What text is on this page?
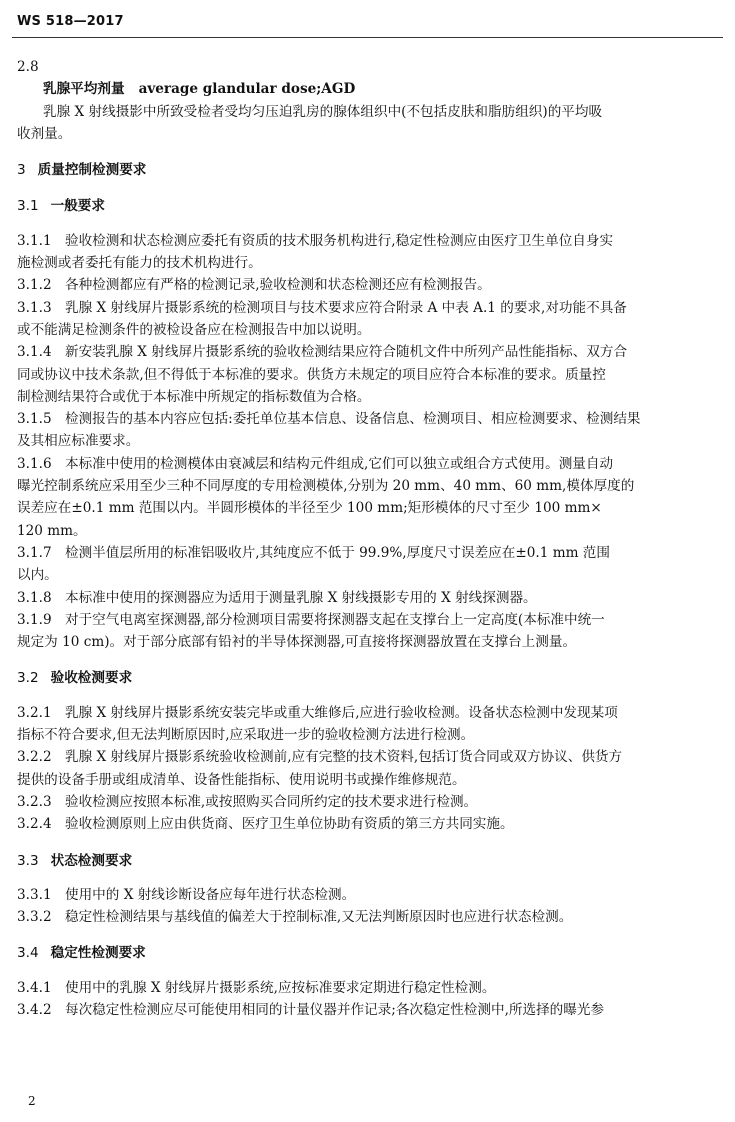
WS 518—2017
2.8
乳腺平均剂量 average glandular dose;AGD
乳腺 X 射线摄影中所致受检者受均匀压迫乳房的腺体组织中(不包括皮肤和脂肪组织)的平均吸
收剂量。
3 质量控制检测要求
3.1 一般要求
3.1.1 验收检测和状态检测应委托有资质的技术服务机构进行,稳定性检测应由医疗卫生单位自身实
施检测或者委托有能力的技术机构进行。
3.1.2 各种检测都应有严格的检测记录,验收检测和状态检测还应有检测报告。
3.1.3 乳腺 X 射线屏片摄影系统的检测项目与技术要求应符合附录 A 中表 A.1 的要求,对功能不具备
或不能满足检测条件的被检设备应在检测报告中加以说明。
3.1.4 新安装乳腺 X 射线屏片摄影系统的验收检测结果应符合随机文件中所列产品性能指标、双方合
同或协议中技术条款,但不得低于本标准的要求。供货方未规定的项目应符合本标准的要求。质量控
制检测结果符合或优于本标准中所规定的指标数值为合格。
3.1.5 检测报告的基本内容应包括:委托单位基本信息、设备信息、检测项目、相应检测要求、检测结果
及其相应标准要求。
3.1.6 本标准中使用的检测模体由衰减层和结构元件组成,它们可以独立或组合方式使用。测量自动
曝光控制系统应采用至少三种不同厚度的专用检测模体,分别为 20 mm、40 mm、60 mm,模体厚度的
误差应在±0.1 mm 范围以内。半圆形模体的半径至少 100 mm;矩形模体的尺寸至少 100 mm×
120 mm。
3.1.7 检测半值层所用的标准铝吸收片,其纯度应不低于 99.9%,厚度尺寸误差应在±0.1 mm 范围
以内。
3.1.8 本标准中使用的探测器应为适用于测量乳腺 X 射线摄影专用的 X 射线探测器。
3.1.9 对于空气电离室探测器,部分检测项目需要将探测器支起在支撑台上一定高度(本标准中统一
规定为 10 cm)。对于部分底部有铅衬的半导体探测器,可直接将探测器放置在支撑台上测量。
3.2 验收检测要求
3.2.1 乳腺 X 射线屏片摄影系统安装完毕或重大维修后,应进行验收检测。设备状态检测中发现某项
指标不符合要求,但无法判断原因时,应采取进一步的验收检测方法进行检测。
3.2.2 乳腺 X 射线屏片摄影系统验收检测前,应有完整的技术资料,包括订货合同或双方协议、供货方
提供的设备手册或组成清单、设备性能指标、使用说明书或操作维修规范。
3.2.3 验收检测应按照本标准,或按照购买合同所约定的技术要求进行检测。
3.2.4 验收检测原则上应由供货商、医疗卫生单位协助有资质的第三方共同实施。
3.3 状态检测要求
3.3.1 使用中的 X 射线诊断设备应每年进行状态检测。
3.3.2 稳定性检测结果与基线值的偏差大于控制标准,又无法判断原因时也应进行状态检测。
3.4 稳定性检测要求
3.4.1 使用中的乳腺 X 射线屏片摄影系统,应按标准要求定期进行稳定性检测。
3.4.2 每次稳定性检测应尽可能使用相同的计量仪器并作记录;各次稳定性检测中,所选择的曝光参
2
